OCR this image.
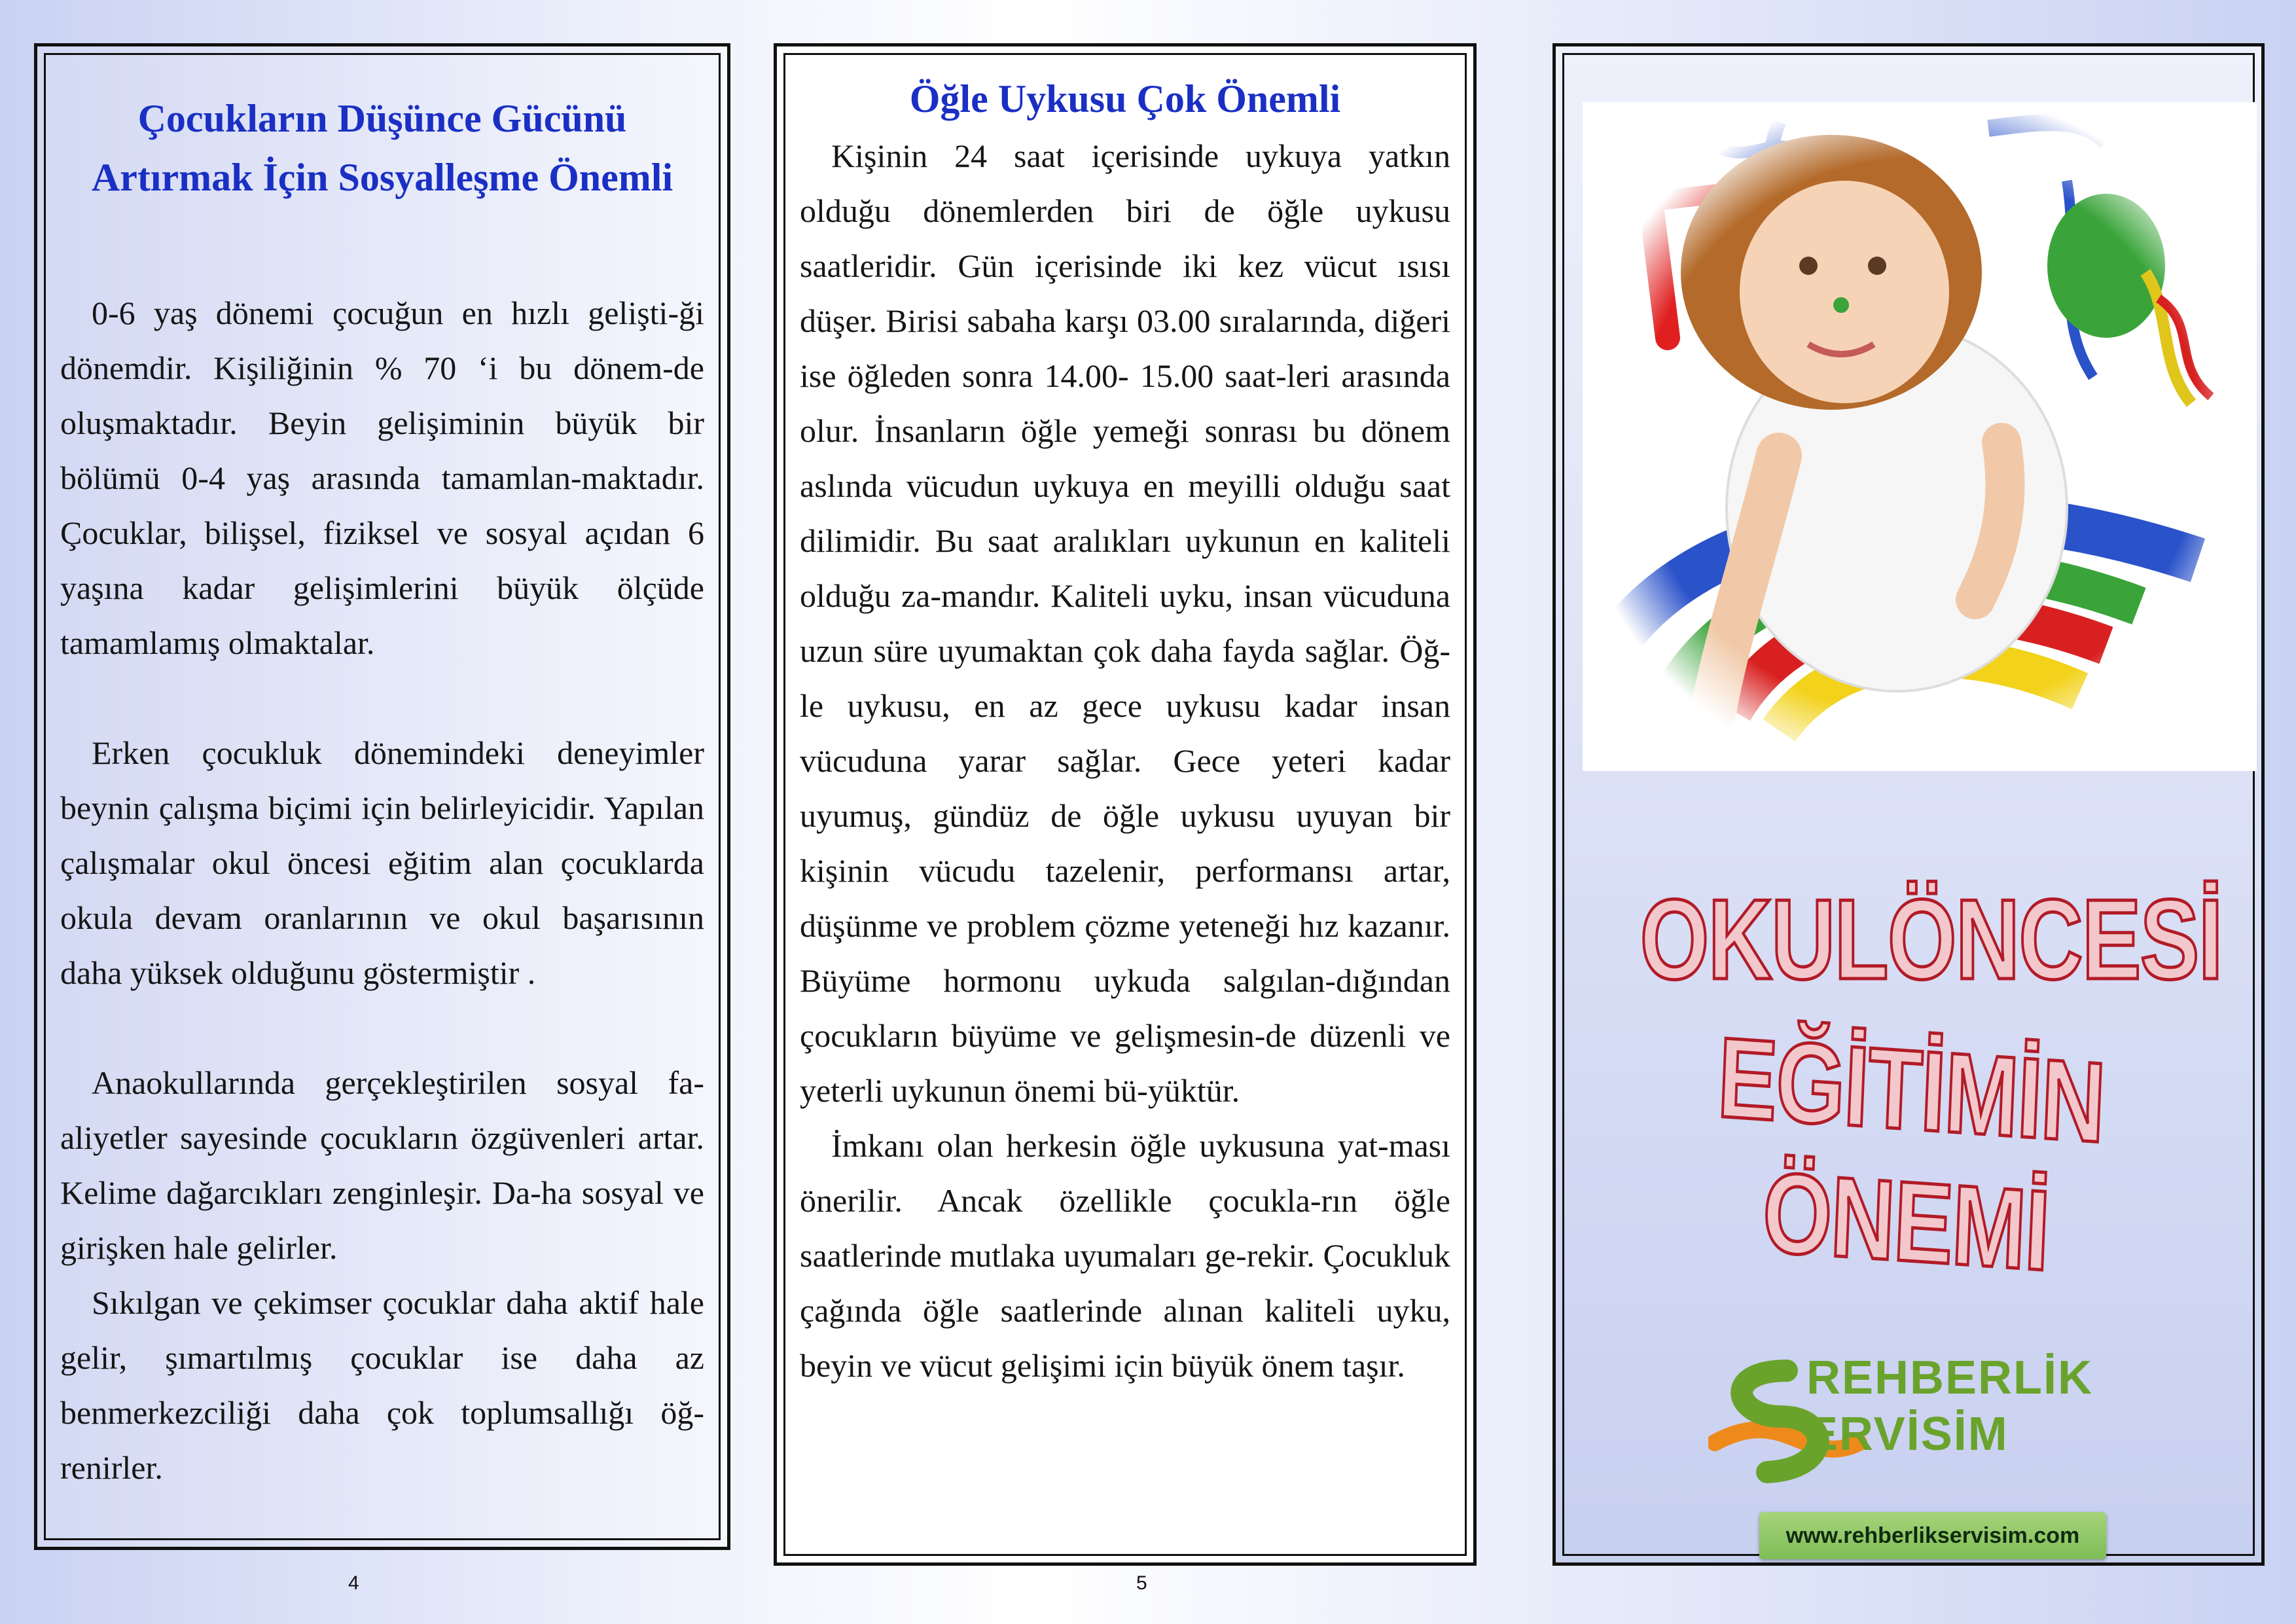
Çocukların Düşünce Gücünü Artırmak İçin Sosyalleşme Önemli

0-6 yaş dönemi çocuğun en hızlı gelişti-ği dönemdir. Kişiliğinin % 70 ‘i bu dönem-de oluşmaktadır. Beyin gelişiminin büyük bir bölümü 0-4 yaş arasında tamamlan-maktadır. Çocuklar, bilişsel, fiziksel ve sosyal açıdan 6 yaşına kadar gelişimlerini büyük ölçüde tamamlamış olmaktalar.

Erken çocukluk dönemindeki deneyimler beynin çalışma biçimi için belirleyicidir. Yapılan çalışmalar okul öncesi eğitim alan çocuklarda okula devam oranlarının ve okul başarısının daha yüksek olduğunu göstermiştir .

Anaokullarında gerçekleştirilen sosyal fa-aliyetler sayesinde çocukların özgüvenleri artar. Kelime dağarcıkları zenginleşir. Da-ha sosyal ve girişken hale gelirler.

Sıkılgan ve çekimser çocuklar daha aktif hale gelir, şımartılmış çocuklar ise daha az benmerkezciliği daha çok toplumsallığı öğ-renirler.

4
Öğle Uykusu Çok Önemli

Kişinin 24 saat içerisinde uykuya yatkın olduğu dönemlerden biri de öğle uykusu saatleridir. Gün içerisinde iki kez vücut ısısı düşer. Birisi sabaha karşı 03.00 sıralarında, diğeri ise öğleden sonra 14.00- 15.00 saat-leri arasında olur. İnsanların öğle yemeği sonrası bu dönem aslında vücudun uykuya en meyilli olduğu saat dilimidir. Bu saat aralıkları uykunun en kaliteli olduğu za-mandır. Kaliteli uyku, insan vücuduna uzun süre uyumaktan çok daha fayda sağlar. Öğ-le uykusu, en az gece uykusu kadar insan vücuduna yarar sağlar. Gece yeteri kadar uyumuş, gündüz de öğle uykusu uyuyan bir kişinin vücudu tazelenir, performansı artar, düşünme ve problem çözme yeteneği hız kazanır. Büyüme hormonu uykuda salgılan-dığından çocukların büyüme ve gelişmesin-de düzenli ve yeterli uykunun önemi bü-yüktür.

İmkanı olan herkesin öğle uykusuna yat-ması önerilir. Ancak özellikle çocukla-rın öğle saatlerinde mutlaka uyumaları ge-rekir. Çocukluk çağında öğle saatlerinde alınan kaliteli uyku, beyin ve vücut gelişimi için büyük önem taşır.

5
OKULÖNCESİ
EĞİTİMİN ÖNEMİ
REHBERLİK
ERVİSİM
www.rehberlikservisim.com
